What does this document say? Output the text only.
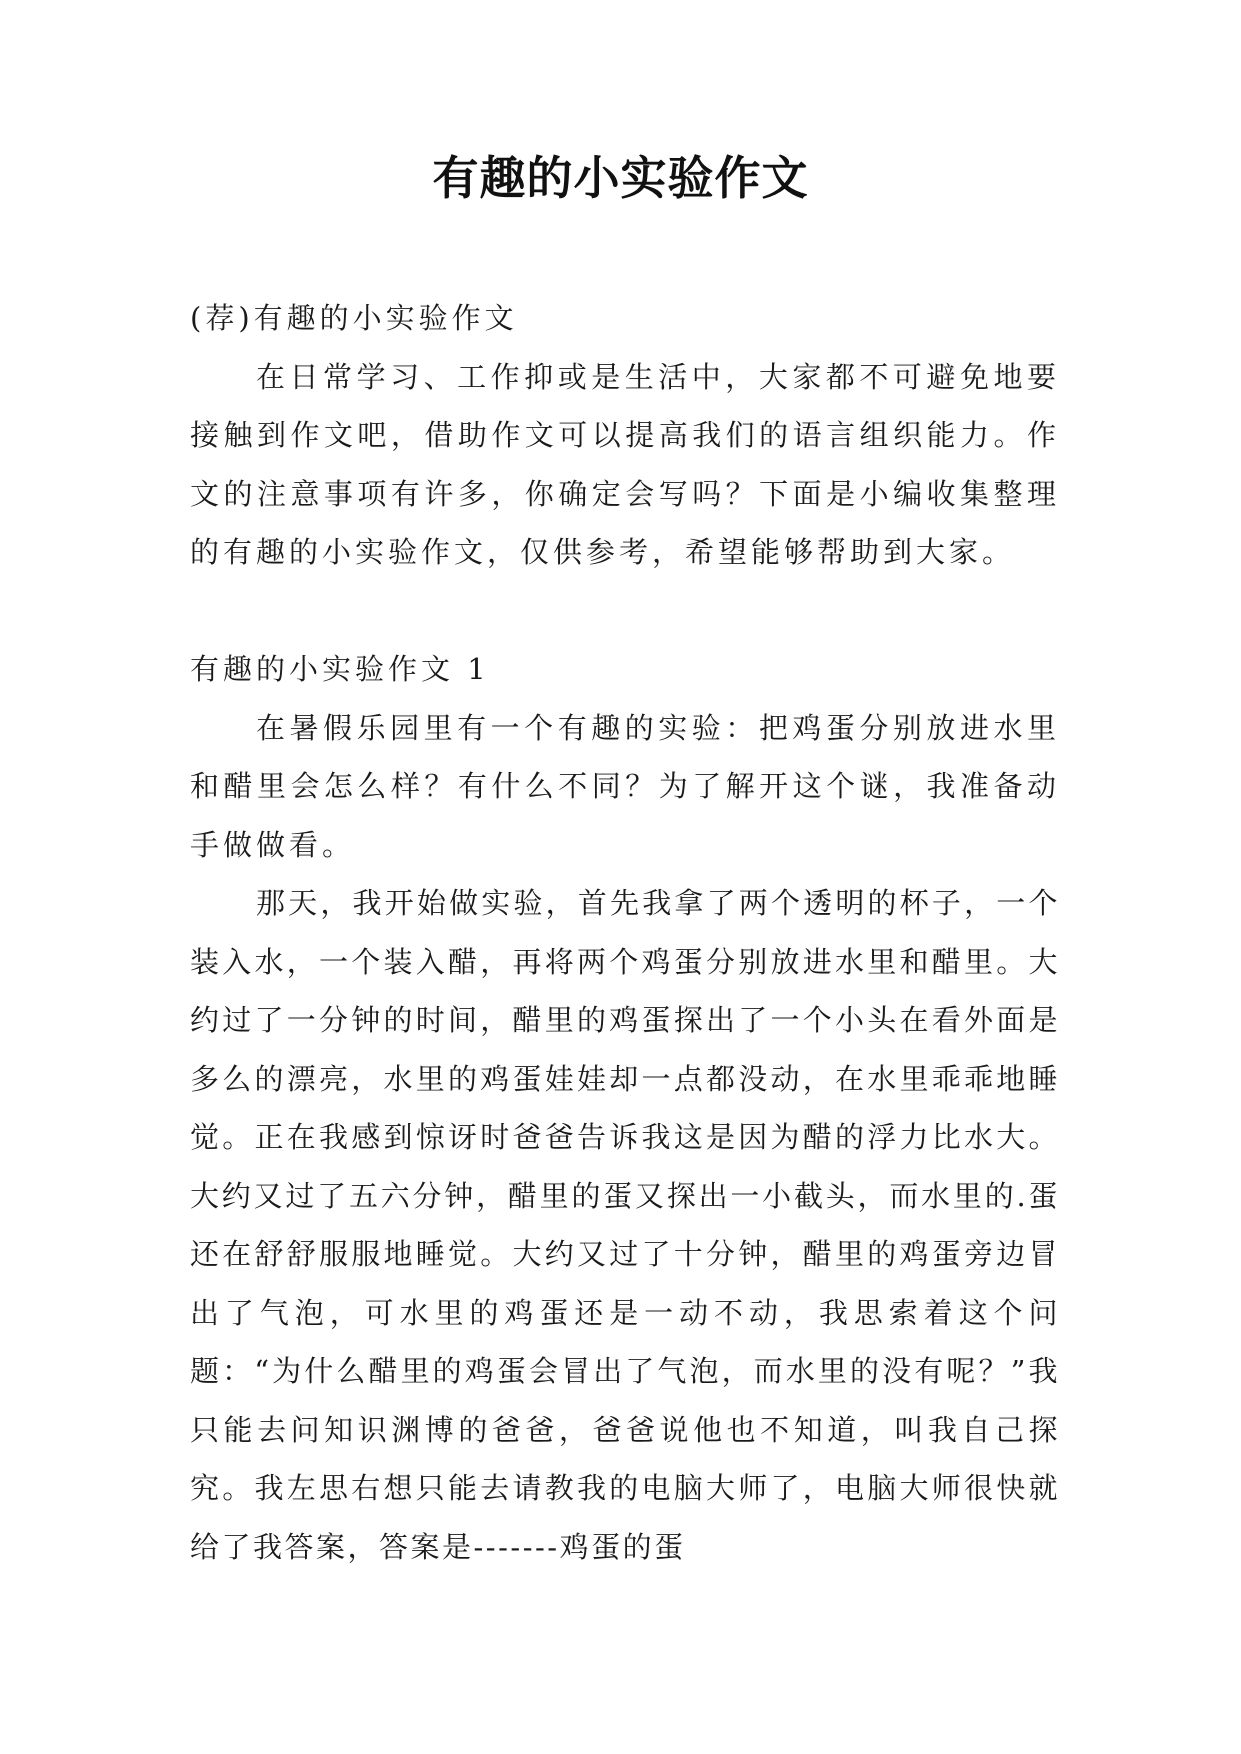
有趣的小实验作文

(荐)有趣的小实验作文

在日常学习、工作抑或是生活中，大家都不可避免地要接触到作文吧，借助作文可以提高我们的语言组织能力。作文的注意事项有许多，你确定会写吗？下面是小编收集整理的有趣的小实验作文，仅供参考，希望能够帮助到大家。

有趣的小实验作文 1

在暑假乐园里有一个有趣的实验：把鸡蛋分别放进水里和醋里会怎么样？有什么不同？为了解开这个谜，我准备动手做做看。

那天，我开始做实验，首先我拿了两个透明的杯子，一个装入水，一个装入醋，再将两个鸡蛋分别放进水里和醋里。大约过了一分钟的时间，醋里的鸡蛋探出了一个小头在看外面是多么的漂亮，水里的鸡蛋娃娃却一点都没动，在水里乖乖地睡觉。正在我感到惊讶时爸爸告诉我这是因为醋的浮力比水大。大约又过了五六分钟，醋里的蛋又探出一小截头，而水里的.蛋还在舒舒服服地睡觉。大约又过了十分钟，醋里的鸡蛋旁边冒出了气泡，可水里的鸡蛋还是一动不动，我思索着这个问题：“为什么醋里的鸡蛋会冒出了气泡，而水里的没有呢？”我只能去问知识渊博的爸爸，爸爸说他也不知道，叫我自己探究。我左思右想只能去请教我的电脑大师了，电脑大师很快就给了我答案，答案是-------鸡蛋的蛋
